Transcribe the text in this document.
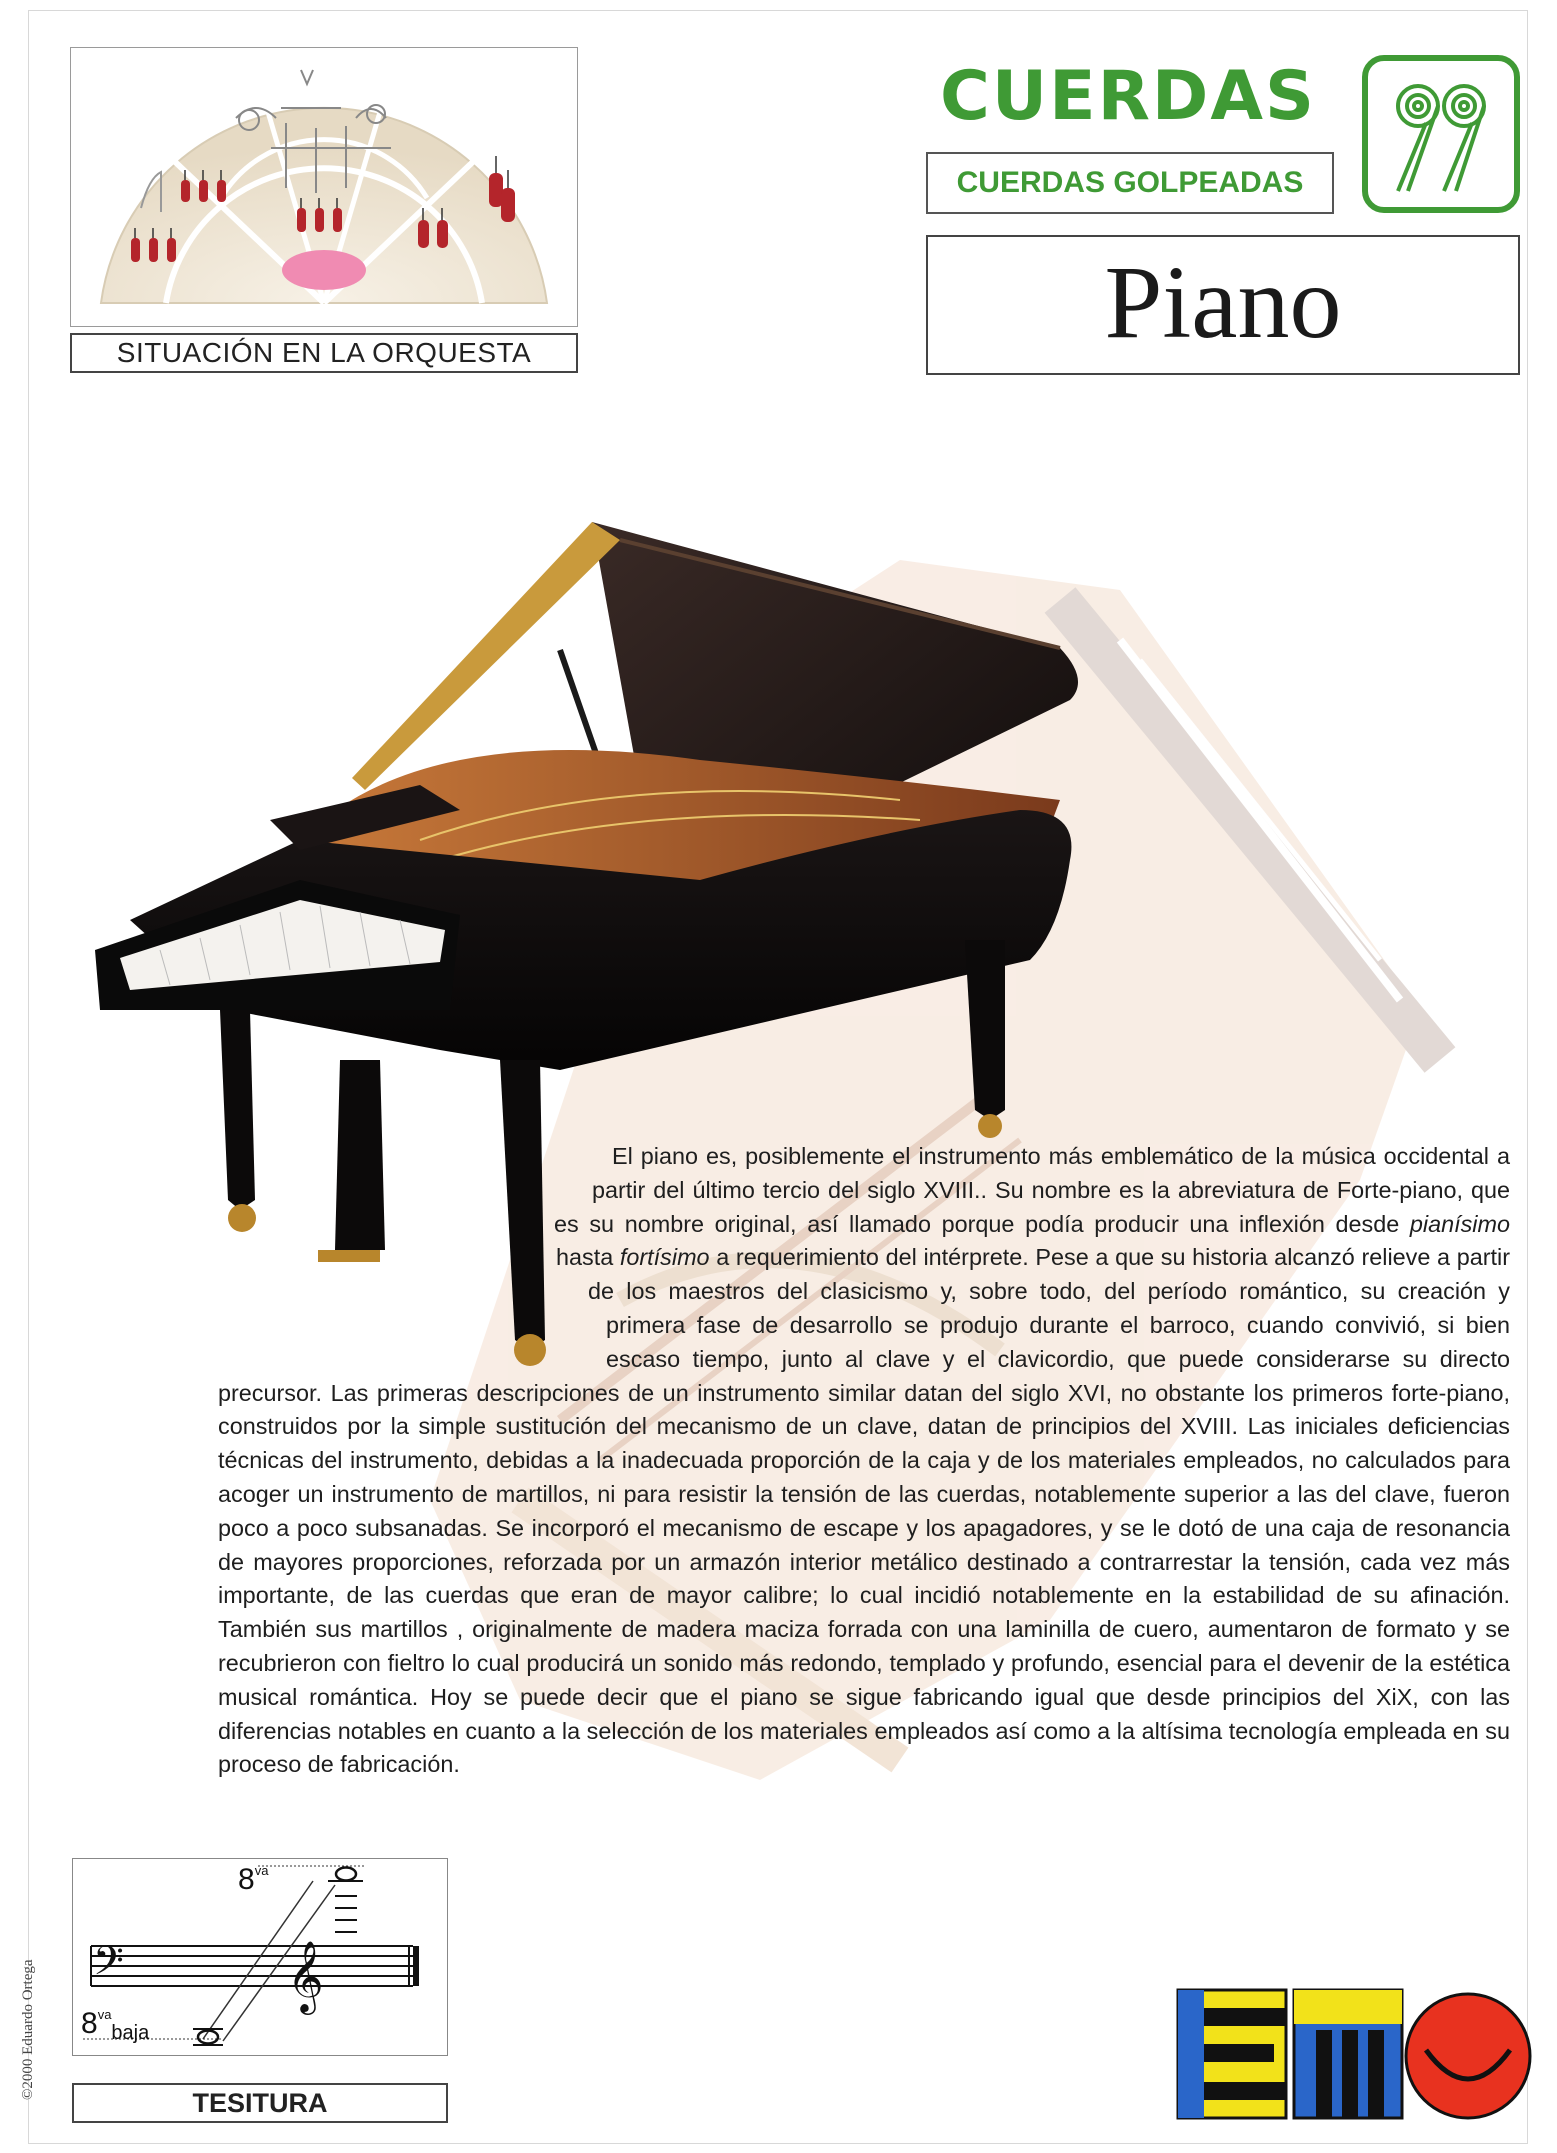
SITUACIÓN EN LA ORQUESTA
CUERDAS
CUERDAS GOLPEADAS
Piano

El piano es, posiblemente el instrumento más emblemático de la música occidental a partir del último tercio del siglo XVIII.. Su nombre es la abreviatura de Forte-piano, que es su nombre original, así llamado porque podía producir una inflexión desde pianísimo hasta fortísimo a requerimiento del intérprete. Pese a que su historia alcanzó relieve a partir de los maestros del clasicismo y, sobre todo, del período romántico, su creación y primera fase de desarrollo se produjo durante el barroco, cuando convivió, si bien escaso tiempo, junto al clave y el clavicordio, que puede considerarse su directo precursor. Las primeras descripciones de un instrumento similar datan del siglo XVI, no obstante los primeros forte-piano, construidos por la simple sustitución del mecanismo de un clave, datan de principios del XVIII. Las iniciales deficiencias técnicas del instrumento, debidas a la inadecuada proporción de la caja y de los materiales empleados, no calculados para acoger un instrumento de martillos, ni para resistir la tensión de las cuerdas, notablemente superior a las del clave, fueron poco a poco subsanadas. Se incorporó el mecanismo de escape y los apagadores, y se le dotó de una caja de resonancia de mayores proporciones, reforzada por un armazón interior metálico destinado a contrarrestar la tensión, cada vez más importante, de las cuerdas que eran de mayor calibre; lo cual incidió notablemente en la estabilidad de su afinación. También sus martillos , originalmente de madera maciza forrada con una laminilla de cuero, aumentaron de formato y se recubrieron con fieltro lo cual producirá un sonido más redondo, templado y profundo, esencial para el devenir de la estética musical romántica. Hoy se puede decir que el piano se sigue fabricando igual que desde principios del XiX, con las diferencias notables en cuanto a la selección de los materiales empleados así como a la altísima tecnología empleada en su proceso de fabricación.

𝄢	𝄞
$8^{va}$
$8^{va}_{baja}$
TESITURA
©2000 Eduardo Ortega
